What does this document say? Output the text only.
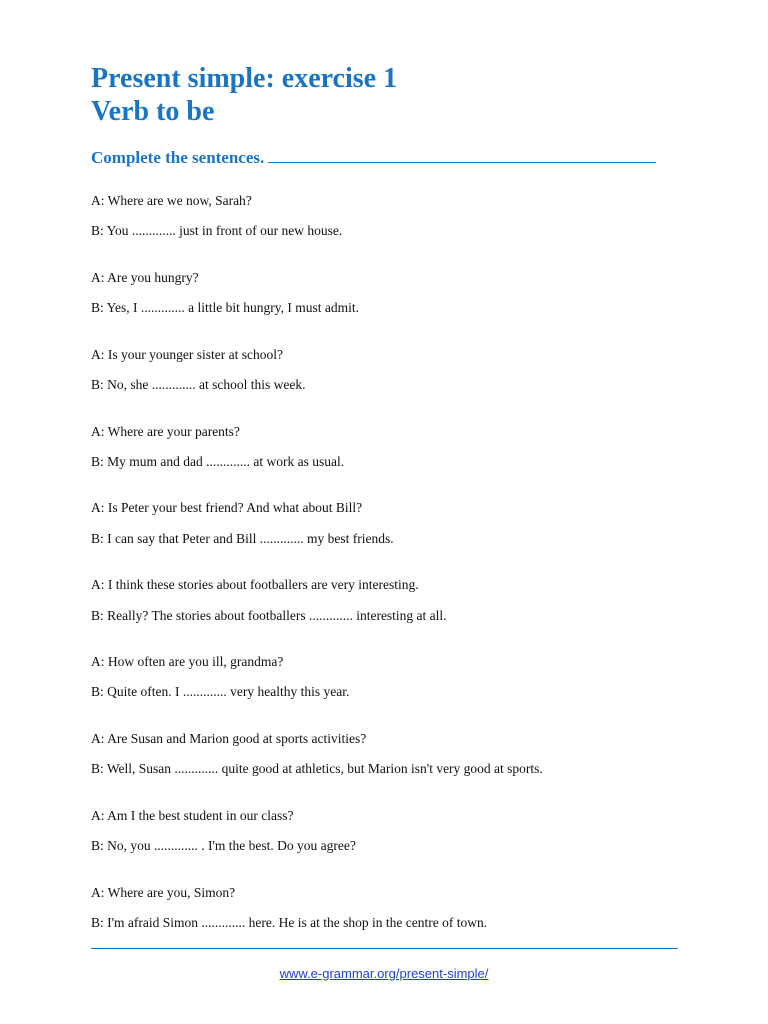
Present simple: exercise 1
Verb to be
Complete the sentences.

A: Where are we now, Sarah?

B: You ............. just in front of our new house.

A: Are you hungry?

B: Yes, I ............. a little bit hungry, I must admit.

A: Is your younger sister at school?

B: No, she ............. at school this week.

A: Where are your parents?

B: My mum and dad ............. at work as usual.

A: Is Peter your best friend? And what about Bill?

B: I can say that Peter and Bill ............. my best friends.

A: I think these stories about footballers are very interesting.

B: Really? The stories about footballers ............. interesting at all.

A: How often are you ill, grandma?

B: Quite often. I ............. very healthy this year.

A: Are Susan and Marion good at sports activities?

B: Well, Susan ............. quite good at athletics, but Marion isn't very good at sports.

A: Am I the best student in our class?

B: No, you ............. . I'm the best. Do you agree?

A: Where are you, Simon?

B: I'm afraid Simon ............. here. He is at the shop in the centre of town.

www.e-grammar.org/present-simple/
